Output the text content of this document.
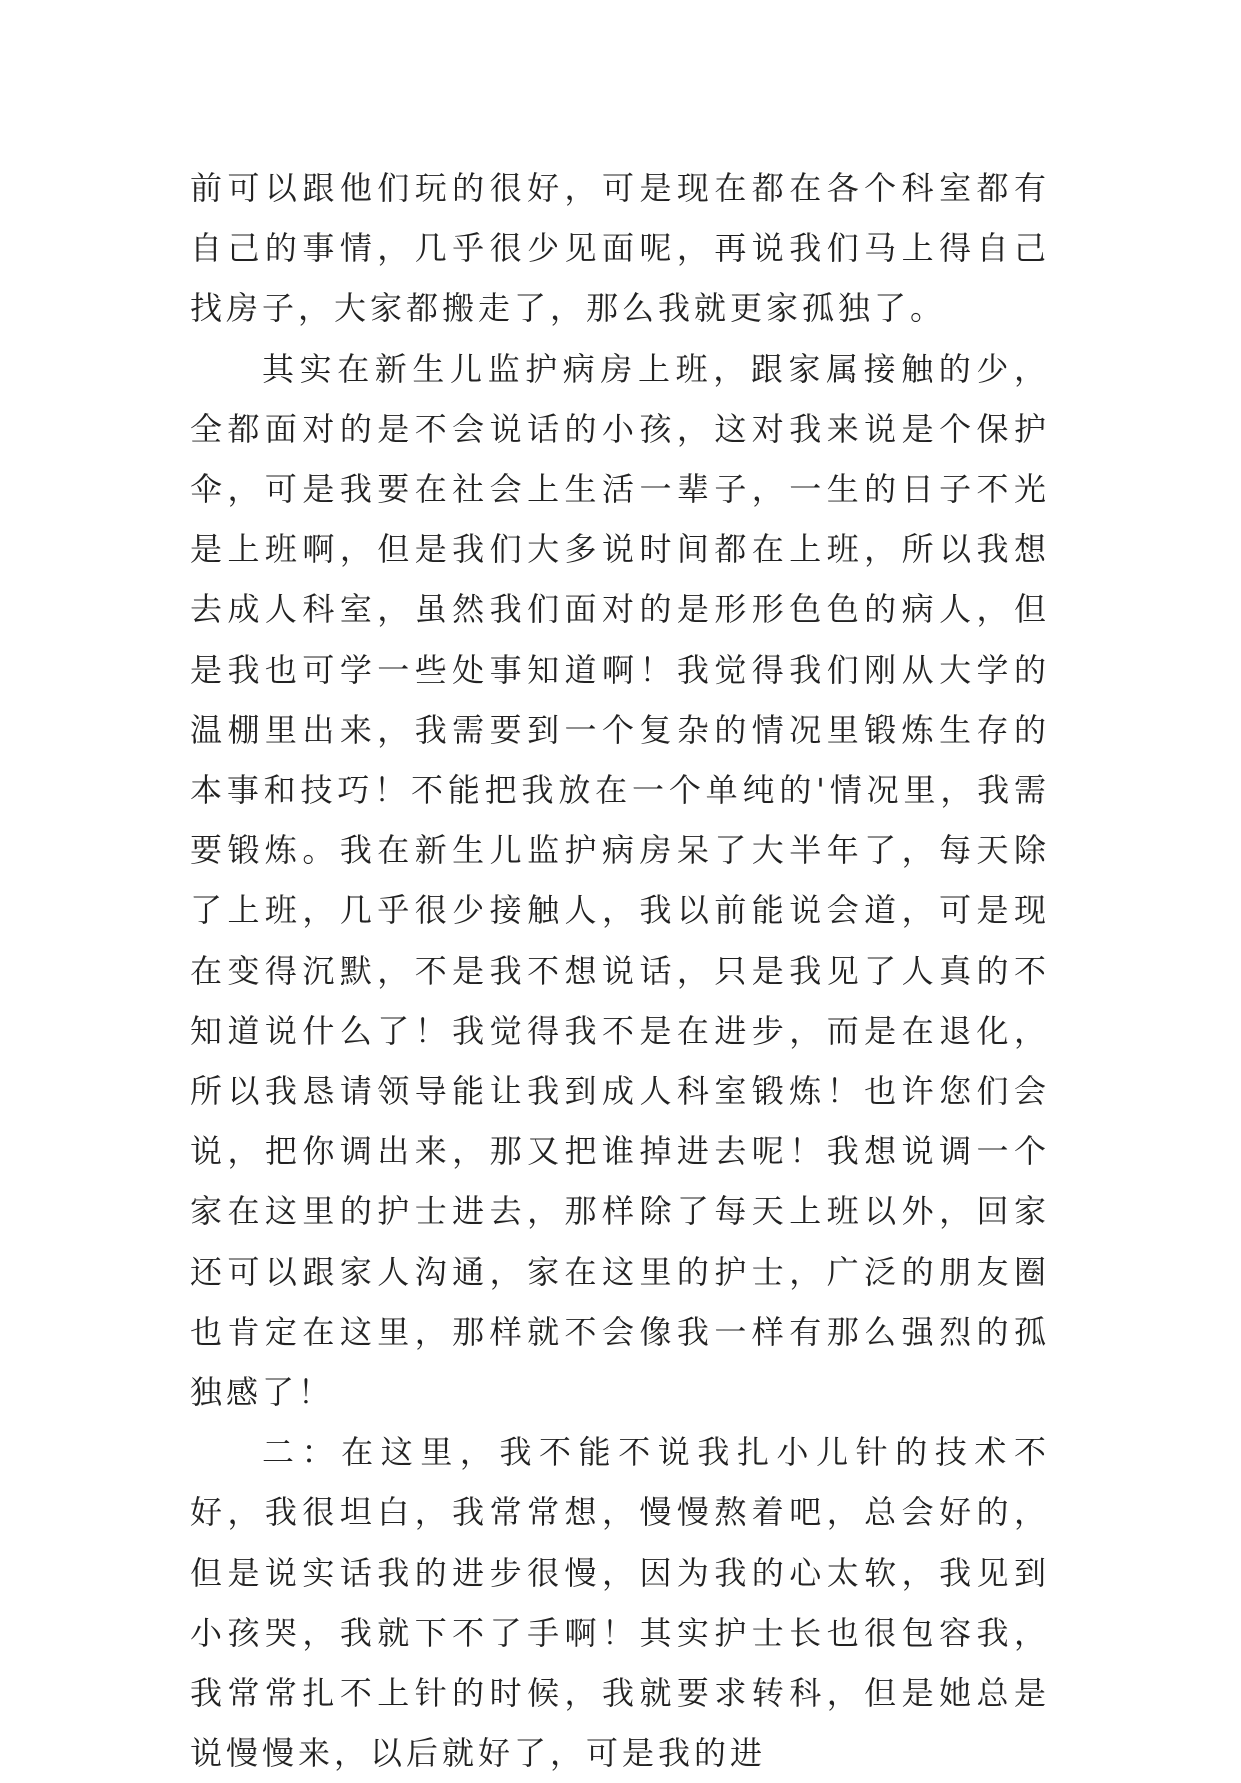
前可以跟他们玩的很好，可是现在都在各个科室都有自己的事情，几乎很少见面呢，再说我们马上得自己找房子，大家都搬走了，那么我就更家孤独了。

其实在新生儿监护病房上班，跟家属接触的少，全都面对的是不会说话的小孩，这对我来说是个保护伞，可是我要在社会上生活一辈子，一生的日子不光是上班啊，但是我们大多说时间都在上班，所以我想去成人科室，虽然我们面对的是形形色色的病人，但是我也可学一些处事知道啊！我觉得我们刚从大学的温棚里出来，我需要到一个复杂的情况里锻炼生存的本事和技巧！不能把我放在一个单纯的'情况里，我需要锻炼。我在新生儿监护病房呆了大半年了，每天除了上班，几乎很少接触人，我以前能说会道，可是现在变得沉默，不是我不想说话，只是我见了人真的不知道说什么了！我觉得我不是在进步，而是在退化，所以我恳请领导能让我到成人科室锻炼！也许您们会说，把你调出来，那又把谁掉进去呢！我想说调一个家在这里的护士进去，那样除了每天上班以外，回家还可以跟家人沟通，家在这里的护士，广泛的朋友圈也肯定在这里，那样就不会像我一样有那么强烈的孤独感了！

二：在这里，我不能不说我扎小儿针的技术不好，我很坦白，我常常想，慢慢熬着吧，总会好的，但是说实话我的进步很慢，因为我的心太软，我见到小孩哭，我就下不了手啊！其实护士长也很包容我，我常常扎不上针的时候，我就要求转科，但是她总是说慢慢来，以后就好了，可是我的进
